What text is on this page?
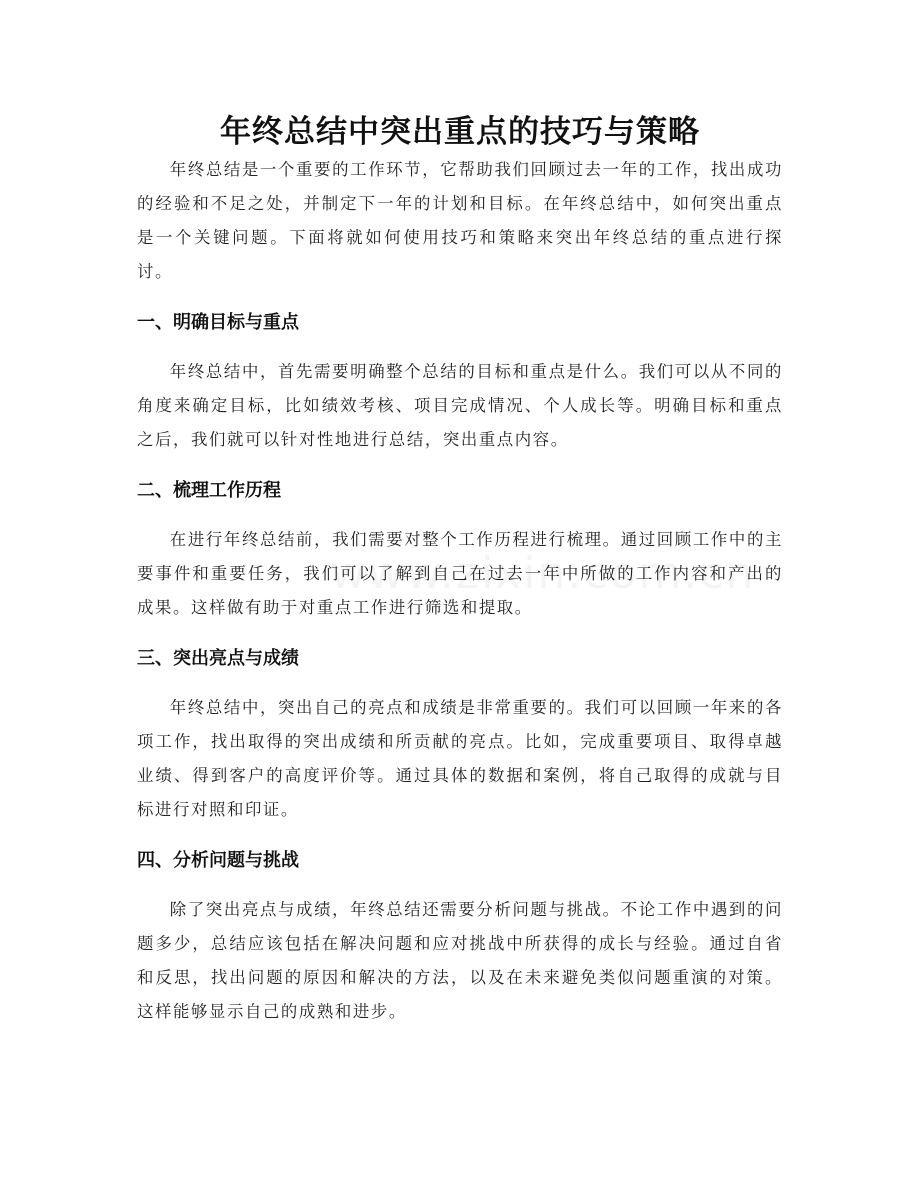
年终总结中突出重点的技巧与策略

年终总结是一个重要的工作环节，它帮助我们回顾过去一年的工作，找出成功的经验和不足之处，并制定下一年的计划和目标。在年终总结中，如何突出重点是一个关键问题。下面将就如何使用技巧和策略来突出年终总结的重点进行探讨。

一、明确目标与重点

年终总结中，首先需要明确整个总结的目标和重点是什么。我们可以从不同的角度来确定目标，比如绩效考核、项目完成情况、个人成长等。明确目标和重点之后，我们就可以针对性地进行总结，突出重点内容。

二、梳理工作历程

在进行年终总结前，我们需要对整个工作历程进行梳理。通过回顾工作中的主要事件和重要任务，我们可以了解到自己在过去一年中所做的工作内容和产出的成果。这样做有助于对重点工作进行筛选和提取。

三、突出亮点与成绩

年终总结中，突出自己的亮点和成绩是非常重要的。我们可以回顾一年来的各项工作，找出取得的突出成绩和所贡献的亮点。比如，完成重要项目、取得卓越业绩、得到客户的高度评价等。通过具体的数据和案例，将自己取得的成就与目标进行对照和印证。

四、分析问题与挑战

除了突出亮点与成绩，年终总结还需要分析问题与挑战。不论工作中遇到的问题多少，总结应该包括在解决问题和应对挑战中所获得的成长与经验。通过自省和反思，找出问题的原因和解决的方法，以及在未来避免类似问题重演的对策。这样能够显示自己的成熟和进步。
